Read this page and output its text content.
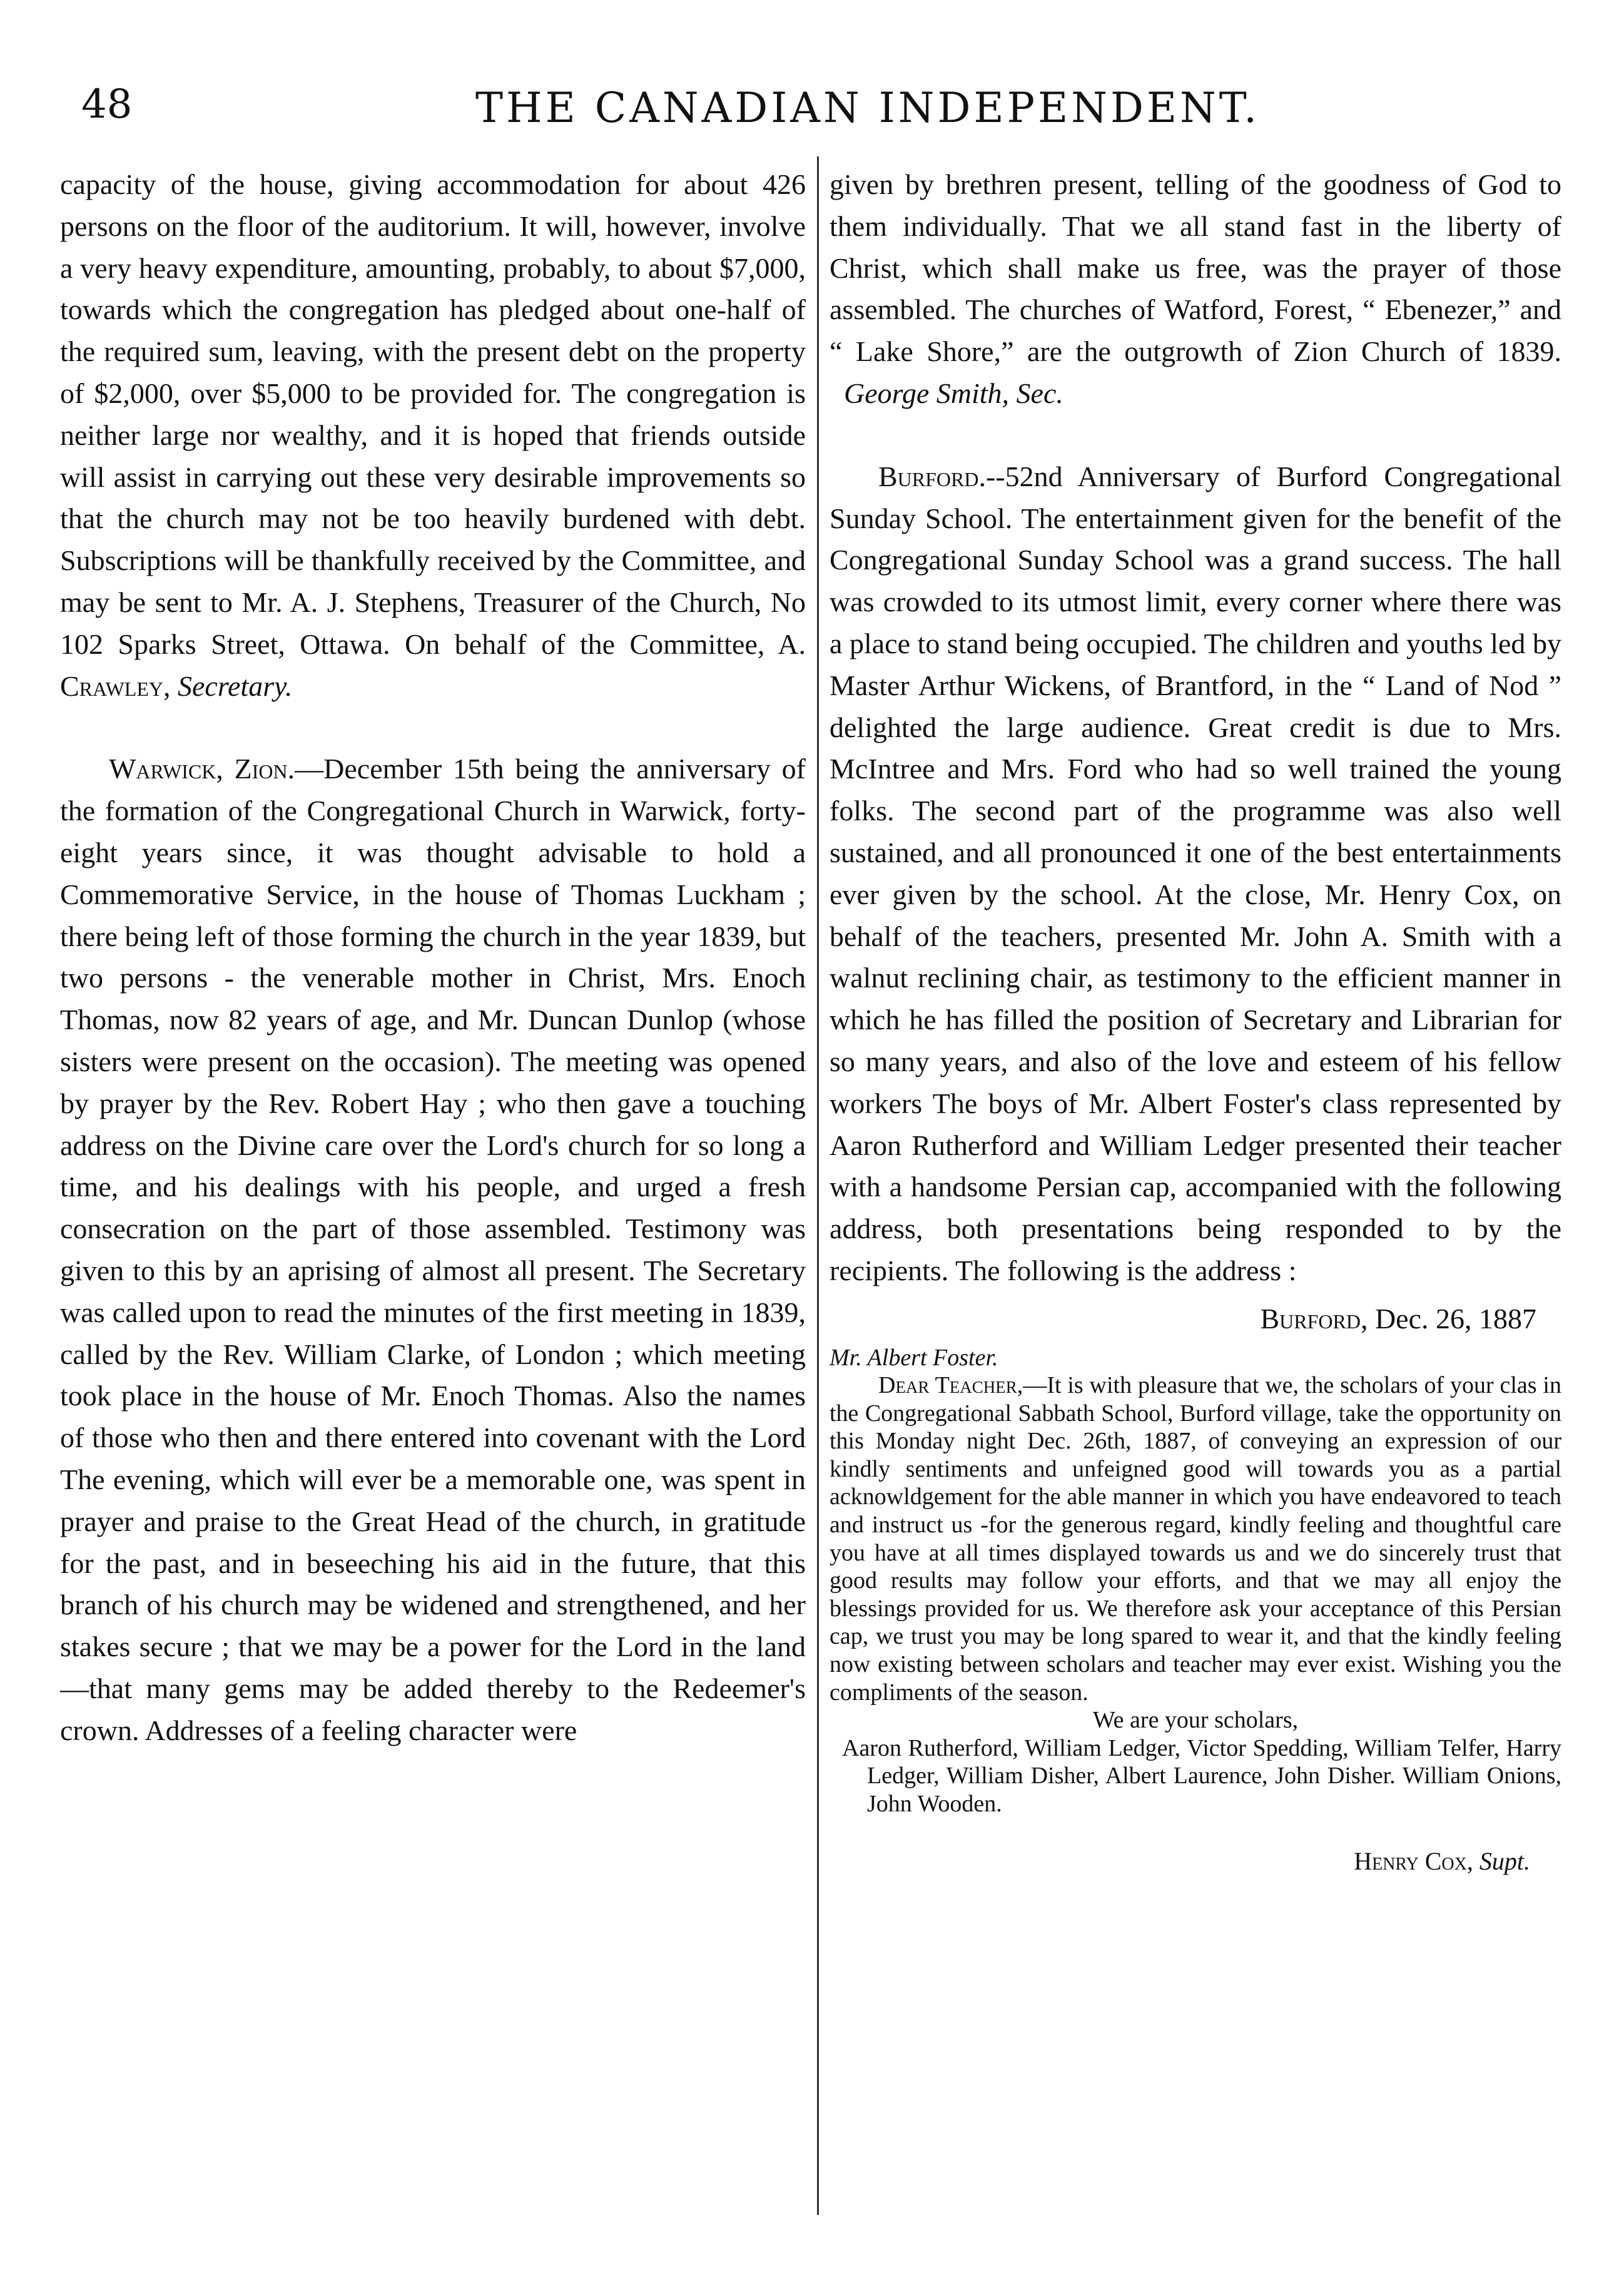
48	THE CANADIAN INDEPENDENT.

capacity of the house, giving accommodation for about 426 persons on the floor of the auditorium. It will, however, involve a very heavy expenditure, amounting, probably, to about $7,000, towards which the congregation has pledged about one-half of the required sum, leaving, with the present debt on the property of $2,000, over $5,000 to be provided for. The congregation is neither large nor wealthy, and it is hoped that friends outside will assist in carrying out these very desirable improvements so that the church may not be too heavily burdened with debt. Subscriptions will be thankfully received by the Committee, and may be sent to Mr. A. J. Stephens, Treasurer of the Church, No 102 Sparks Street, Ottawa. On behalf of the Committee, A. Crawley, Secretary.

Warwick, Zion.—December 15th being the anniversary of the formation of the Congregational Church in Warwick, forty-eight years since, it was thought advisable to hold a Commemorative Service, in the house of Thomas Luckham ; there being left of those forming the church in the year 1839, but two persons - the venerable mother in Christ, Mrs. Enoch Thomas, now 82 years of age, and Mr. Duncan Dunlop (whose sisters were present on the occasion). The meeting was opened by prayer by the Rev. Robert Hay ; who then gave a touching address on the Divine care over the Lord's church for so long a time, and his dealings with his people, and urged a fresh consecration on the part of those assembled. Testimony was given to this by an aprising of almost all present. The Secretary was called upon to read the minutes of the first meeting in 1839, called by the Rev. William Clarke, of London ; which meeting took place in the house of Mr. Enoch Thomas. Also the names of those who then and there entered into covenant with the Lord The evening, which will ever be a memorable one, was spent in prayer and praise to the Great Head of the church, in gratitude for the past, and in beseeching his aid in the future, that this branch of his church may be widened and strengthened, and her stakes secure ; that we may be a power for the Lord in the land—that many gems may be added thereby to the Redeemer's crown. Addresses of a feeling character were

given by brethren present, telling of the goodness of God to them individually. That we all stand fast in the liberty of Christ, which shall make us free, was the prayer of those assembled. The churches of Watford, Forest, “ Ebenezer,” and “ Lake Shore,” are the outgrowth of Zion Church of 1839.   George Smith, Sec.

Burford.--52nd Anniversary of Burford Congregational Sunday School. The entertainment given for the benefit of the Congregational Sunday School was a grand success. The hall was crowded to its utmost limit, every corner where there was a place to stand being occupied. The children and youths led by Master Arthur Wickens, of Brantford, in the “ Land of Nod ” delighted the large audience. Great credit is due to Mrs. McIntree and Mrs. Ford who had so well trained the young folks. The second part of the programme was also well sustained, and all pronounced it one of the best entertainments ever given by the school. At the close, Mr. Henry Cox, on behalf of the teachers, presented Mr. John A. Smith with a walnut reclining chair, as testimony to the efficient manner in which he has filled the position of Secretary and Librarian for so many years, and also of the love and esteem of his fellow workers The boys of Mr. Albert Foster's class represented by Aaron Rutherford and William Ledger presented their teacher with a handsome Persian cap, accompanied with the following address, both presentations being responded to by the recipients. The following is the address :

Burford, Dec. 26, 1887

Mr. Albert Foster.

Dear Teacher,—It is with pleasure that we, the scholars of your clas in the Congregational Sabbath School, Burford village, take the opportunity on this Monday night Dec. 26th, 1887, of conveying an expression of our kindly sentiments and unfeigned good will towards you as a partial acknowldgement for the able manner in which you have endeavored to teach and instruct us -for the generous regard, kindly feeling and thoughtful care you have at all times displayed towards us and we do sincerely trust that good results may follow your efforts, and that we may all enjoy the blessings provided for us. We therefore ask your acceptance of this Persian cap, we trust you may be long spared to wear it, and that the kindly feeling now existing between scholars and teacher may ever exist. Wishing you the compliments of the season.

We are your scholars,

Aaron Rutherford, William Ledger, Victor Spedding, William Telfer, Harry Ledger, William Disher, Albert Laurence, John Disher. William Onions, John Wooden.

Henry Cox, Supt.
